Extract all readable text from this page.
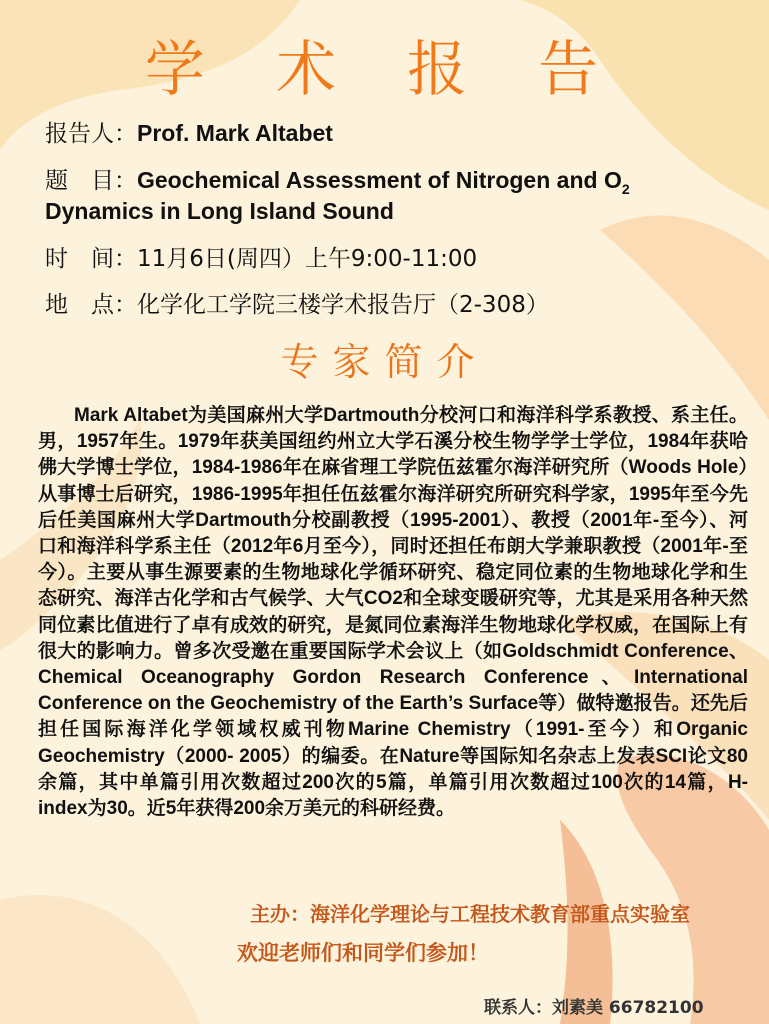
学 术 报 告
报告人：Prof. Mark Altabet
题　目：Geochemical Assessment of Nitrogen and $O_2$
Dynamics in Long Island Sound
时　间：11月6日(周四）上午9:00-11:00
地　点：化学化工学院三楼学术报告厅（2-308）
专家简介

Mark Altabet为美国麻州大学Dartmouth分校河口和海洋科学系教授、系主任。男，1957年生。1979年获美国纽约州立大学石溪分校生物学学士学位，1984年获哈佛大学博士学位，1984-1986年在麻省理工学院伍兹霍尔海洋研究所（Woods Hole）从事博士后研究，1986-1995年担任伍兹霍尔海洋研究所研究科学家，1995年至今先后任美国麻州大学Dartmouth分校副教授（1995-2001）、教授（2001年-至今）、河口和海洋科学系主任（2012年6月至今），同时还担任布朗大学兼职教授（2001年-至今）。主要从事生源要素的生物地球化学循环研究、稳定同位素的生物地球化学和生态研究、海洋古化学和古气候学、大气CO2和全球变暖研究等，尤其是采用各种天然同位素比值进行了卓有成效的研究，是氮同位素海洋生物地球化学权威，在国际上有很大的影响力。曾多次受邀在重要国际学术会议上（如Goldschmidt Conference、Chemical Oceanography Gordon Research Conference、International Conference on the Geochemistry of the Earth’s Surface等）做特邀报告。还先后担任国际海洋化学领域权威刊物Marine Chemistry（1991-至今）和Organic Geochemistry（2000- 2005）的编委。在Nature等国际知名杂志上发表SCI论文80余篇，其中单篇引用次数超过200次的5篇，单篇引用次数超过100次的14篇，H-index为30。近5年获得200余万美元的科研经费。

主办：海洋化学理论与工程技术教育部重点实验室
欢迎老师们和同学们参加！
联系人：刘素美 66782100
